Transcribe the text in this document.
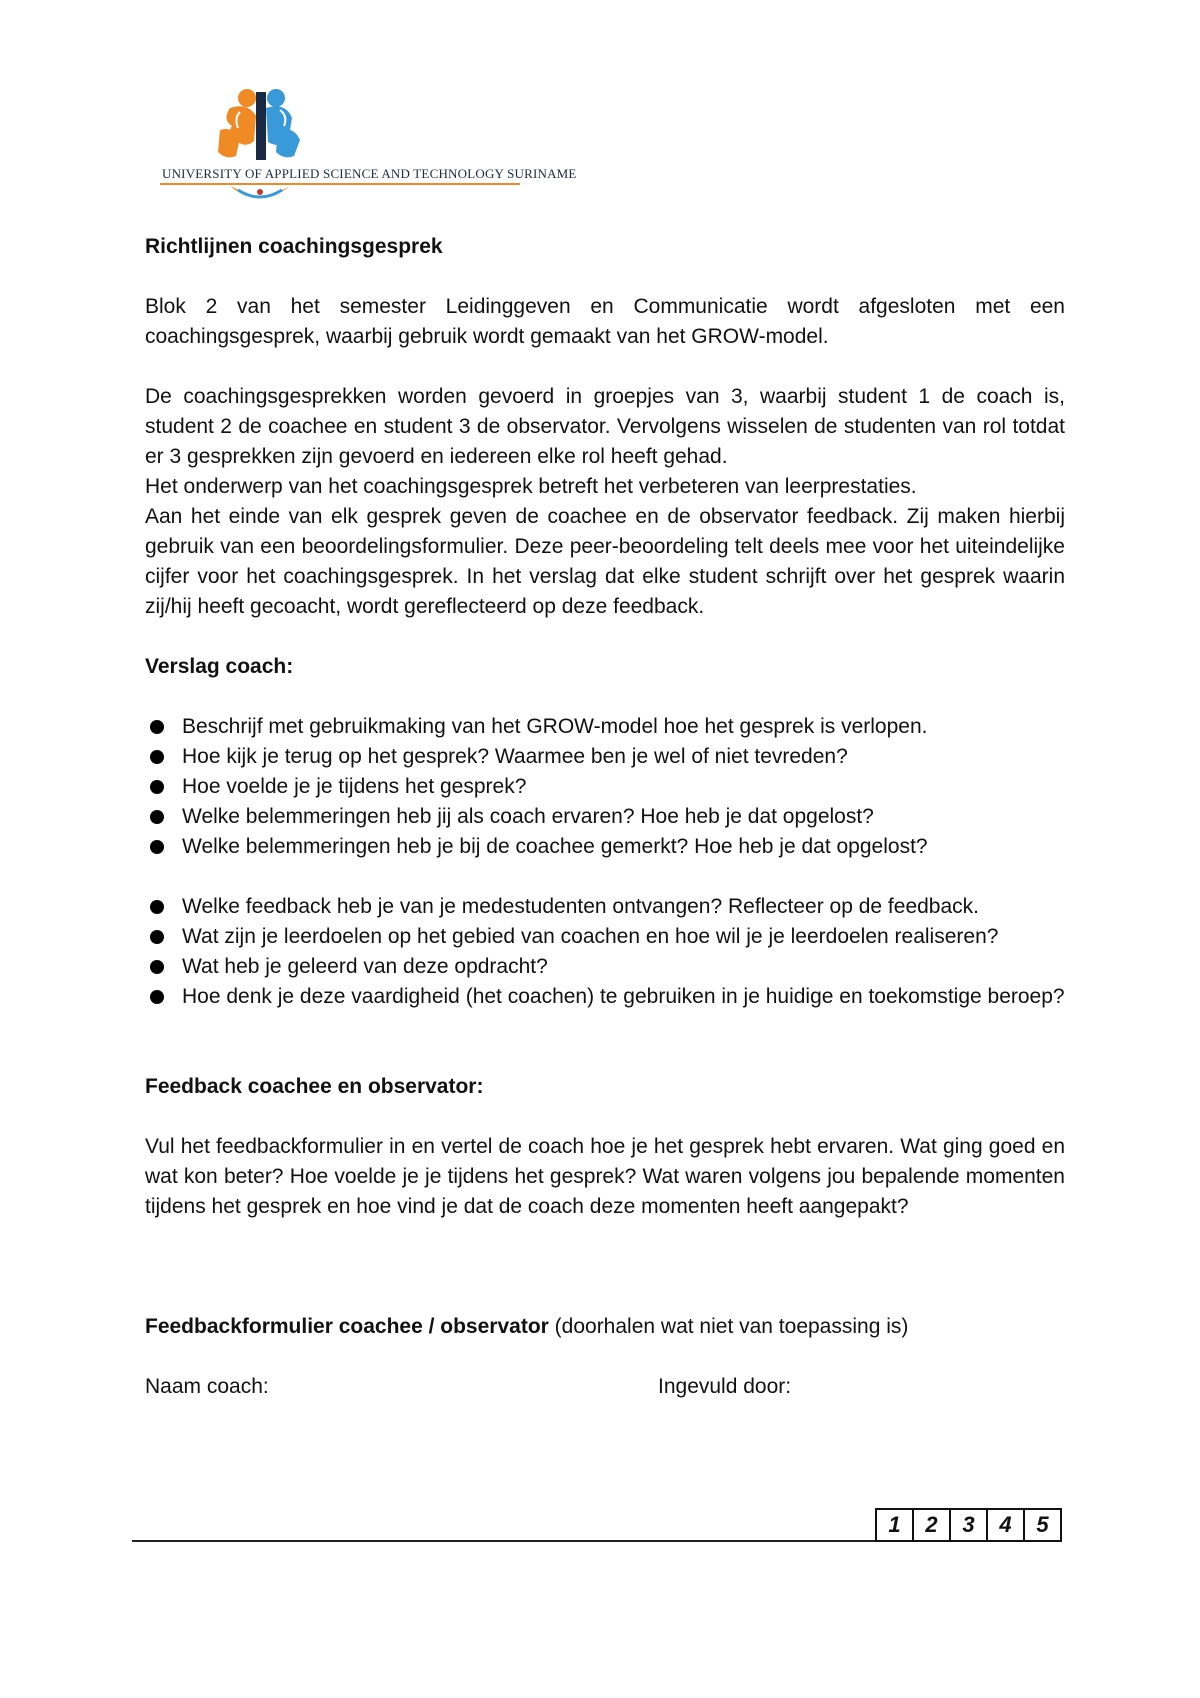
UNIVERSITY OF APPLIED SCIENCE AND TECHNOLOGY SURINAME

Richtlijnen coachingsgesprek

Blok 2 van het semester Leidinggeven en Communicatie wordt afgesloten met een coachingsgesprek, waarbij gebruik wordt gemaakt van het GROW-model.

De coachingsgesprekken worden gevoerd in groepjes van 3, waarbij student 1 de coach is, student 2 de coachee en student 3 de observator. Vervolgens wisselen de studenten van rol totdat er 3 gesprekken zijn gevoerd en iedereen elke rol heeft gehad.

Het onderwerp van het coachingsgesprek betreft het verbeteren van leerprestaties.

Aan het einde van elk gesprek geven de coachee en de observator feedback. Zij maken hierbij gebruik van een beoordelingsformulier. Deze peer-beoordeling telt deels mee voor het uiteindelijke cijfer voor het coachingsgesprek. In het verslag dat elke student schrijft over het gesprek waarin zij/hij heeft gecoacht, wordt gereflecteerd op deze feedback.

Verslag coach:

Beschrijf met gebruikmaking van het GROW-model hoe het gesprek is verlopen.
Hoe kijk je terug op het gesprek? Waarmee ben je wel of niet tevreden?
Hoe voelde je je tijdens het gesprek?
Welke belemmeringen heb jij als coach ervaren? Hoe heb je dat opgelost?
Welke belemmeringen heb je bij de coachee gemerkt? Hoe heb je dat opgelost?
Welke feedback heb je van je medestudenten ontvangen? Reflecteer op de feedback.
Wat zijn je leerdoelen op het gebied van coachen en hoe wil je je leerdoelen realiseren?
Wat heb je geleerd van deze opdracht?
Hoe denk je deze vaardigheid (het coachen) te gebruiken in je huidige en toekomstige beroep?

Feedback coachee en observator:

Vul het feedbackformulier in en vertel de coach hoe je het gesprek hebt ervaren. Wat ging goed en wat kon beter? Hoe voelde je je tijdens het gesprek? Wat waren volgens jou bepalende momenten tijdens het gesprek en hoe vind je dat de coach deze momenten heeft aangepakt?

Feedbackformulier coachee / observator (doorhalen wat niet van toepassing is)

Naam coach:	Ingevuld door:
1	2	3	4	5
